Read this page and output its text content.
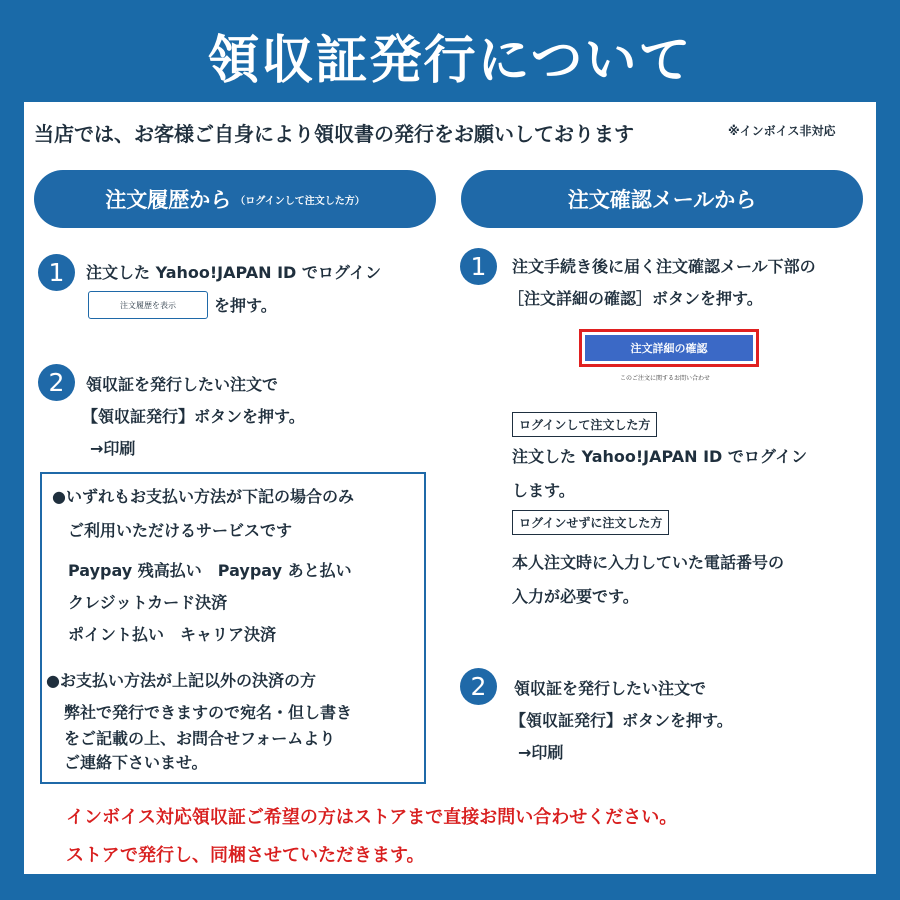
領収証発行について
当店では、お客様ご自身により領収書の発行をお願いしております	※インボイス非対応
注文履歴から （ログインして注文した方）
1	注文した Yahoo!JAPAN ID でログイン
注文履歴を表示	を押す。
2	領収証を発行したい注文で
【領収証発行】ボタンを押す。
→印刷
●いずれもお支払い方法が下記の場合のみ
ご利用いただけるサービスです
Paypay 残高払い　Paypay あと払い
クレジットカード決済
ポイント払い　キャリア決済
●お支払い方法が上記以外の決済の方
弊社で発行できますので宛名・但し書き
をご記載の上、お問合せフォームより
ご連絡下さいませ。
注文確認メールから
1	注文手続き後に届く注文確認メール下部の
［注文詳細の確認］ボタンを押す。
注文詳細の確認
このご注文に関するお問い合わせ
ログインして注文した方
注文した Yahoo!JAPAN ID でログイン
します。
ログインせずに注文した方
本人注文時に入力していた電話番号の
入力が必要です。
2	領収証を発行したい注文で
【領収証発行】ボタンを押す。
→印刷
インボイス対応領収証ご希望の方はストアまで直接お問い合わせください。
ストアで発行し、同梱させていただきます。
